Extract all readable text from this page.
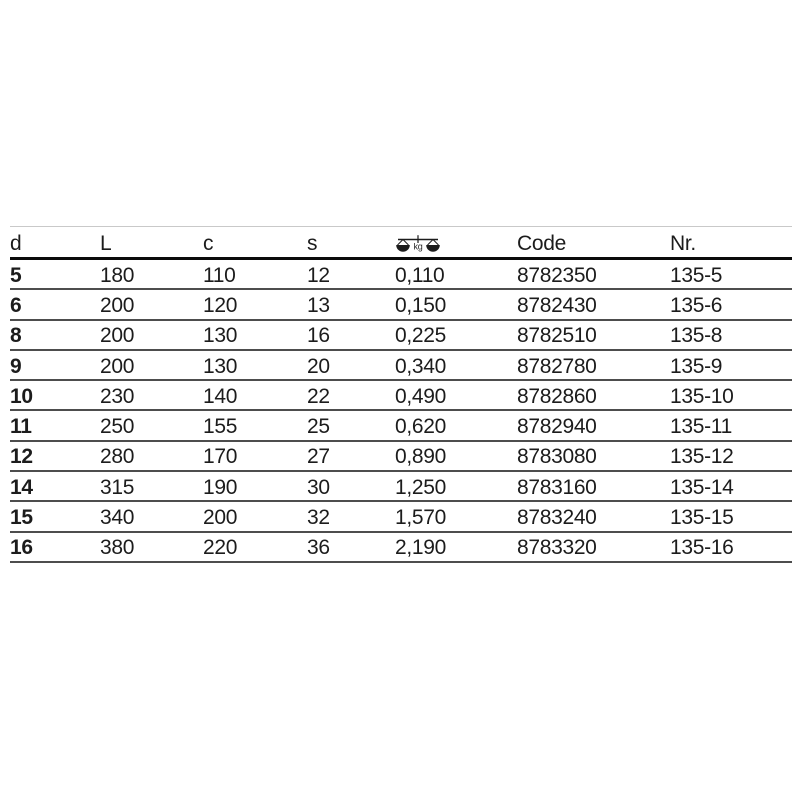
d	L	c	s	kg	Code	Nr.
5	180	110	12	0,110	8782350	135-5
6	200	120	13	0,150	8782430	135-6
8	200	130	16	0,225	8782510	135-8
9	200	130	20	0,340	8782780	135-9
10	230	140	22	0,490	8782860	135-10
11	250	155	25	0,620	8782940	135-11
12	280	170	27	0,890	8783080	135-12
14	315	190	30	1,250	8783160	135-14
15	340	200	32	1,570	8783240	135-15
16	380	220	36	2,190	8783320	135-16
